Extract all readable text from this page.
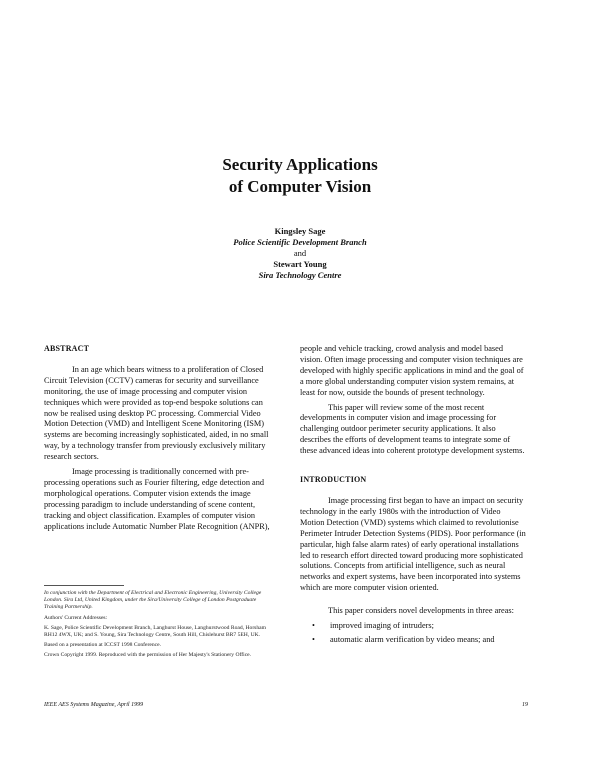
Security Applications
of Computer Vision
Kingsley Sage
Police Scientific Development Branch
and
Stewart Young
Sira Technology Centre
ABSTRACT

In an age which bears witness to a proliferation of Closed Circuit Television (CCTV) cameras for security and surveillance monitoring, the use of image processing and computer vision techniques which were provided as top-end bespoke solutions can now be realised using desktop PC processing. Commercial Video Motion Detection (VMD) and Intelligent Scene Monitoring (ISM) systems are becoming increasingly sophisticated, aided, in no small way, by a technology transfer from previously exclusively military research sectors.

Image processing is traditionally concerned with pre-processing operations such as Fourier filtering, edge detection and morphological operations. Computer vision extends the image processing paradigm to include understanding of scene content, tracking and object classification. Examples of computer vision applications include Automatic Number Plate Recognition (ANPR),

people and vehicle tracking, crowd analysis and model based vision. Often image processing and computer vision techniques are developed with highly specific applications in mind and the goal of a more global understanding computer vision system remains, at least for now, outside the bounds of present technology.

This paper will review some of the most recent developments in computer vision and image processing for challenging outdoor perimeter security applications. It also describes the efforts of development teams to integrate some of these advanced ideas into coherent prototype development systems.

INTRODUCTION

Image processing first began to have an impact on security technology in the early 1980s with the introduction of Video Motion Detection (VMD) systems which claimed to revolutionise Perimeter Intruder Detection Systems (PIDS). Poor performance (in particular, high false alarm rates) of early operational installations led to research effort directed toward producing more sophisticated solutions. Concepts from artificial intelligence, such as neural networks and expert systems, have been incorporated into systems which are more computer vision oriented.

This paper considers novel developments in three areas:

• improved imaging of intruders;
• automatic alarm verification by video means; and

In conjunction with the Department of Electrical and Electronic Engineering, University College London. Sira Ltd, United Kingdom, under the Sira/University College of London Postgraduate Training Partnership.

Authors' Current Addresses:

K. Sage, Police Scientific Development Branch, Langhurst House, Langhurstwood Road, Horsham RH12 4WX, UK; and S. Young, Sira Technology Centre, South Hill, Chislehurst BR7 5EH, UK.

Based on a presentation at ICCST 1998 Conference.

Crown Copyright 1999. Reproduced with the permission of Her Majesty's Stationery Office.

IEEE AES Systems Magazine, April 1999	19
